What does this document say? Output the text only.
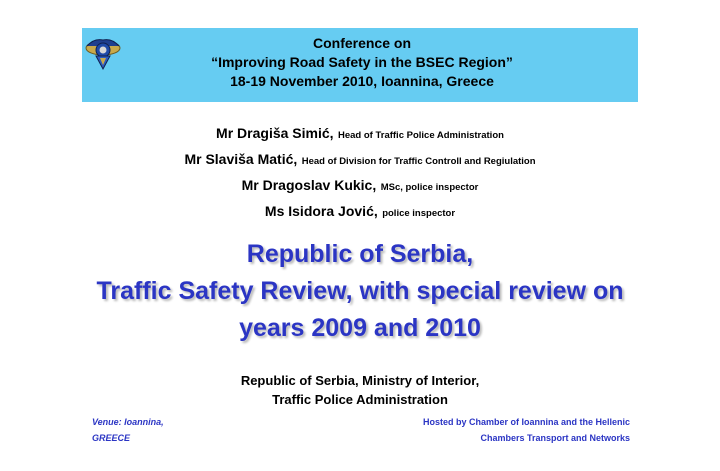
Conference on
“Improving Road Safety in the BSEC Region”
18-19 November 2010, Ioannina, Greece
Mr Dragiša Simić, Head of Traffic Police Administration
Mr Slaviša Matić, Head of Division for Traffic Controll and Regiulation
Mr Dragoslav Kukic, MSc, police inspector
Ms Isidora Jović, police inspector
Republic of Serbia,
Traffic Safety Review, with special review on
years 2009 and 2010
Republic of Serbia, Ministry of Interior,
Traffic Police Administration
Venue: Ioannina,
GREECE
Hosted by Chamber of Ioannina and the Hellenic
Chambers Transport and Networks
